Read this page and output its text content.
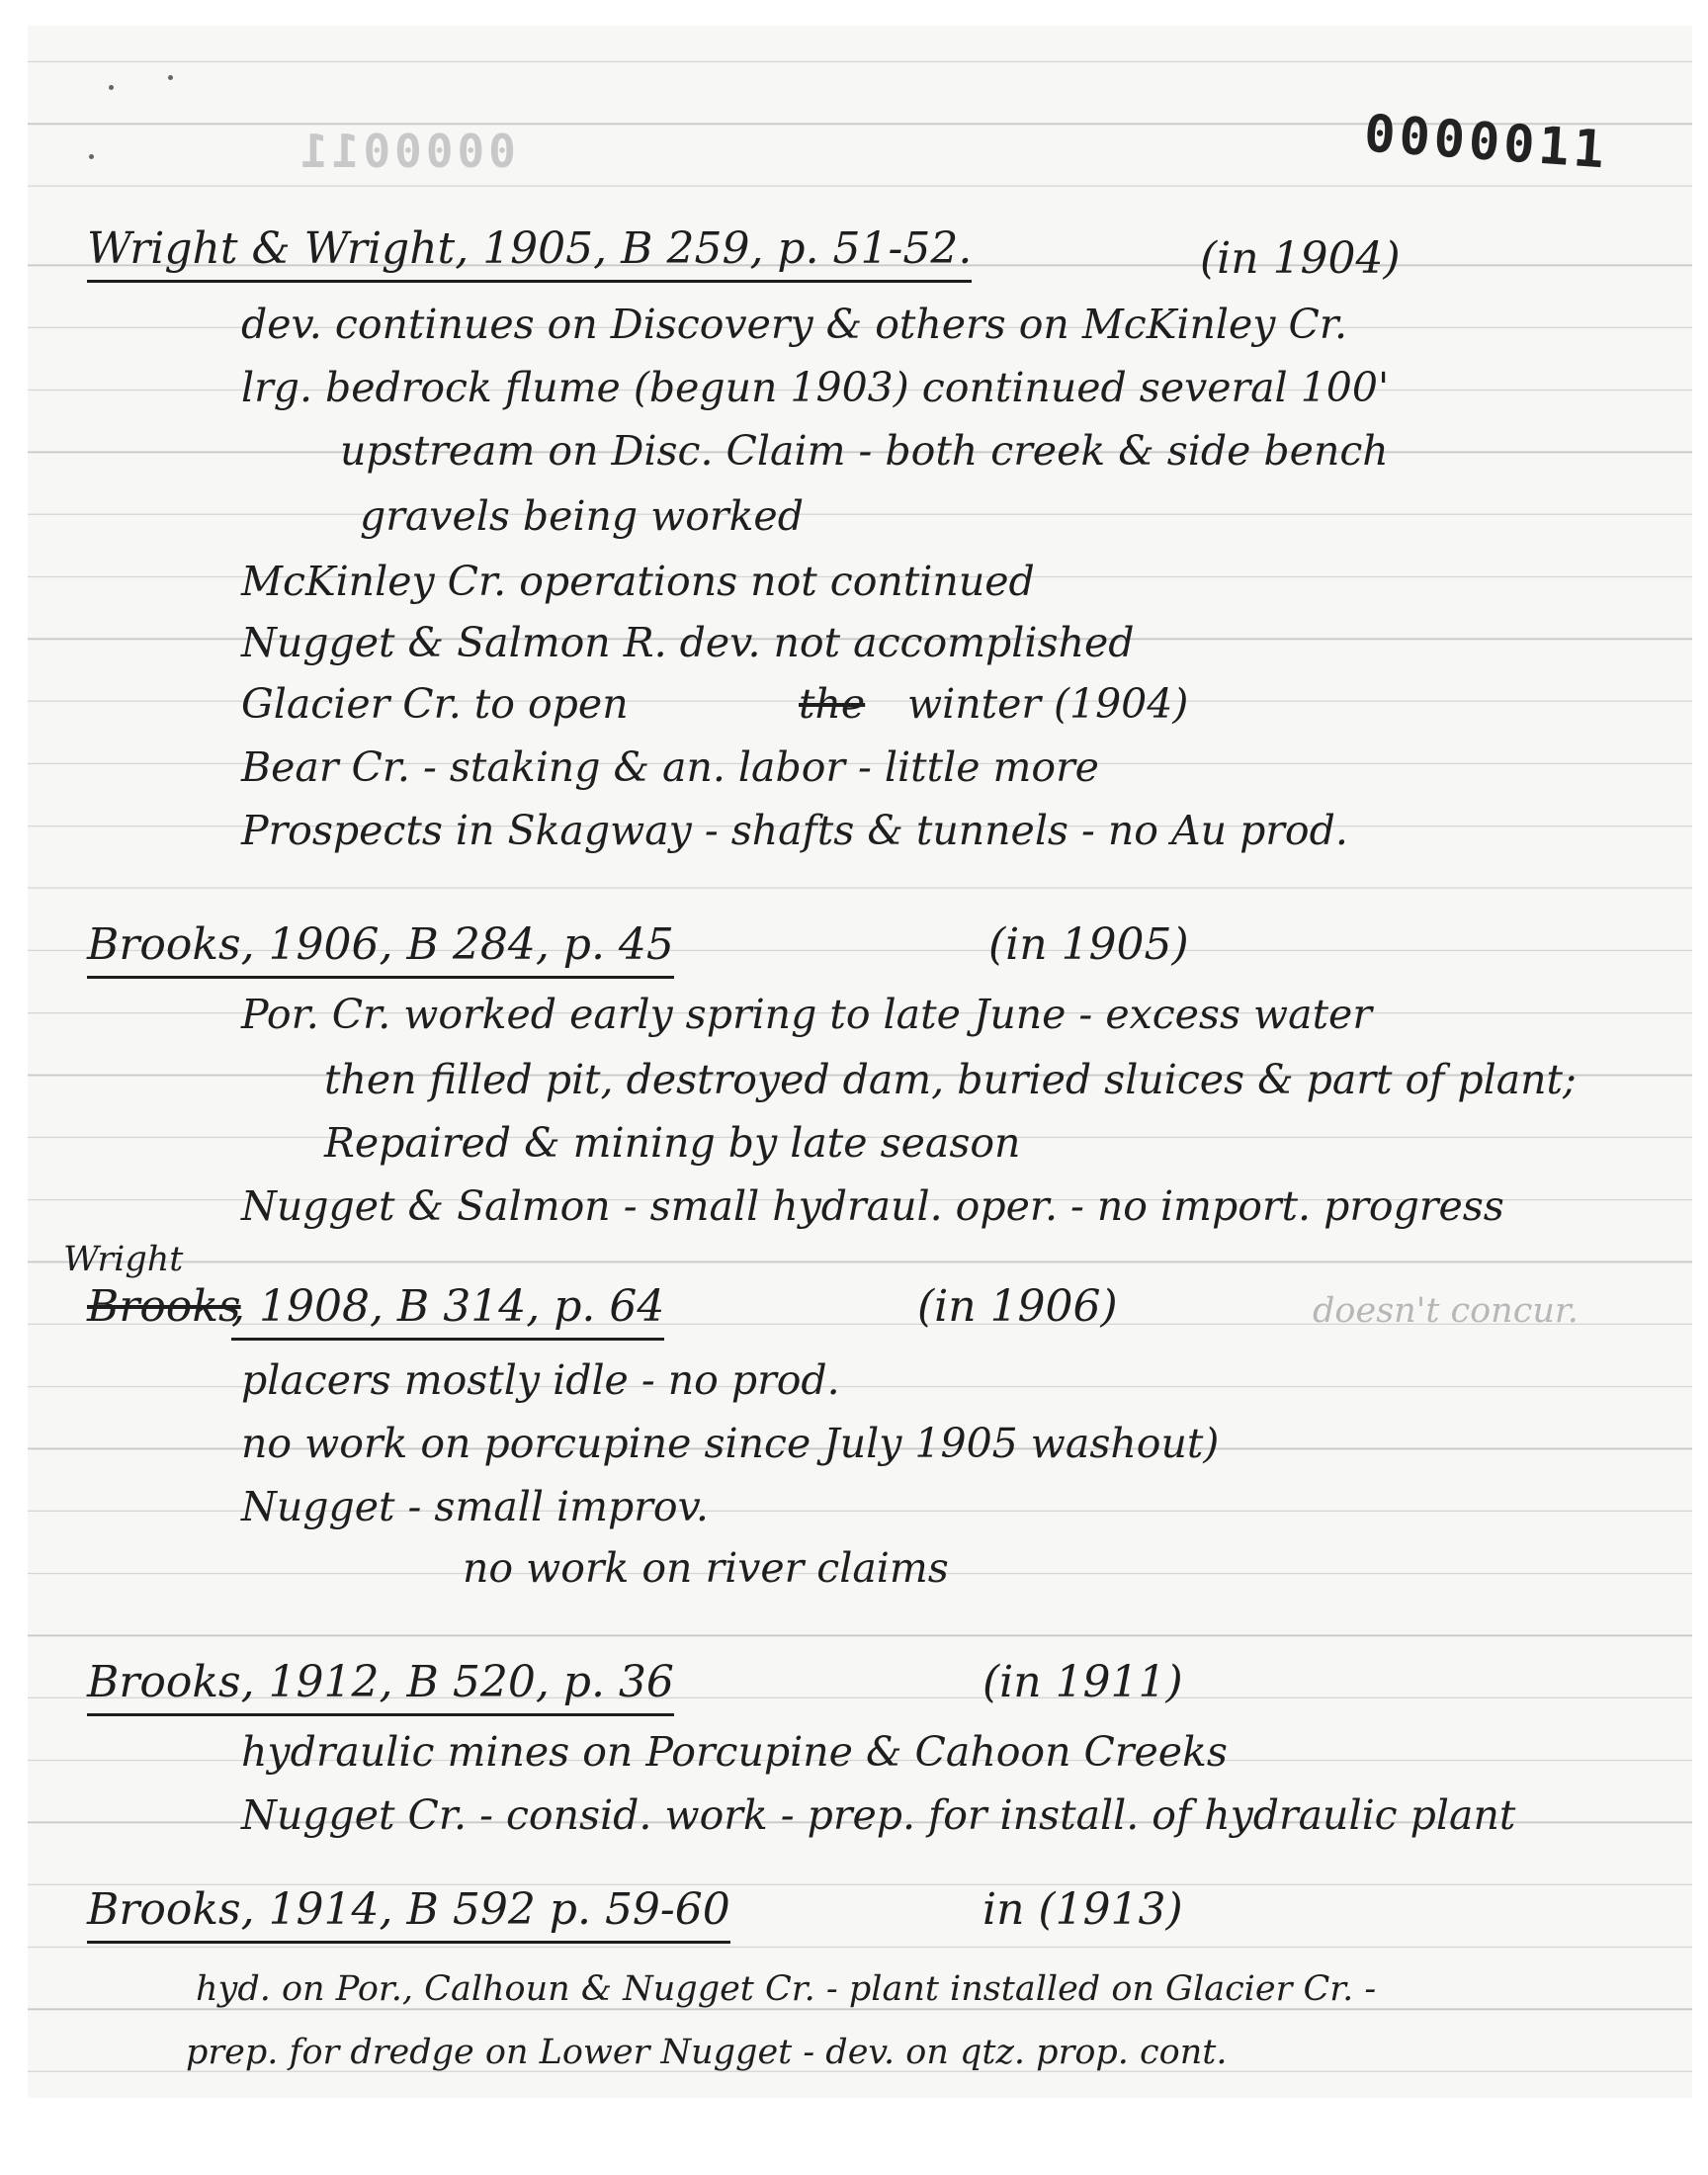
0000011	0000011
Wright & Wright, 1905, B 259, p. 51-52.	(in 1904)
dev. continues on Discovery & others on McKinley Cr.
lrg. bedrock flume (begun 1903) continued several 100'
upstream on Disc. Claim - both creek & side bench
gravels being worked
McKinley Cr. operations not continued
Nugget & Salmon R. dev. not accomplished
Glacier Cr. to open	the winter (1904)
Bear Cr. - staking & an. labor - little more
Prospects in Skagway - shafts & tunnels - no Au prod.
Brooks, 1906, B 284, p. 45	(in 1905)
Por. Cr. worked early spring to late June - excess water
then filled pit, destroyed dam, buried sluices & part of plant;
Repaired & mining by late season
Nugget & Salmon - small hydraul. oper. - no import. progress
Wright
Brooks
, 1908, B 314, p. 64	(in 1906)	doesn't concur.
placers mostly idle - no prod.
no work on porcupine since July 1905 washout)
Nugget - small improv.
no work on river claims
Brooks, 1912, B 520, p. 36	(in 1911)
hydraulic mines on Porcupine & Cahoon Creeks
Nugget Cr. - consid. work - prep. for install. of hydraulic plant
Brooks, 1914, B 592 p. 59-60	in (1913)
hyd. on Por., Calhoun & Nugget Cr. - plant installed on Glacier Cr. -
prep. for dredge on Lower Nugget - dev. on qtz. prop. cont.
